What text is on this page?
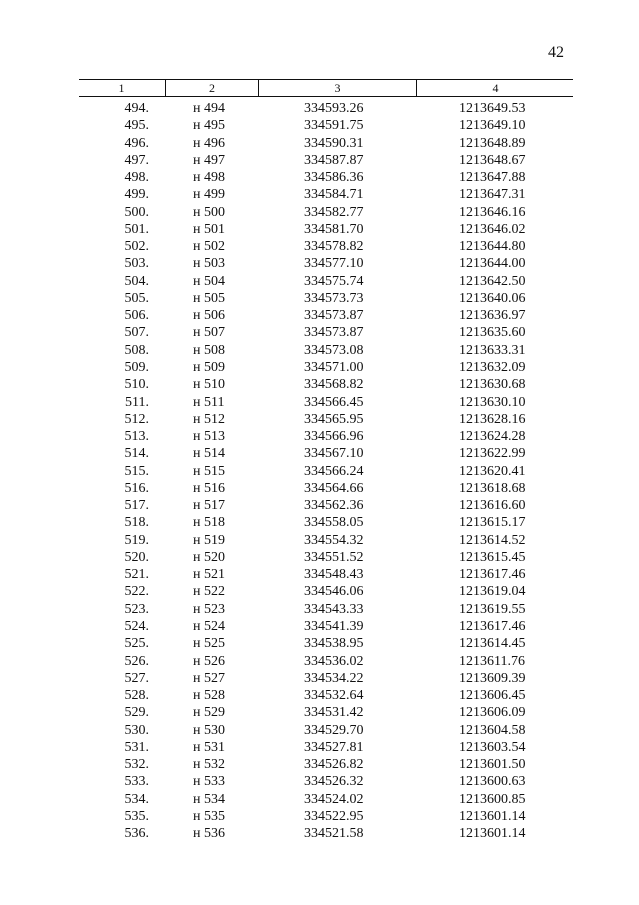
42
1	2	3	4
494.	н 494	334593.26	1213649.53
495.	н 495	334591.75	1213649.10
496.	н 496	334590.31	1213648.89
497.	н 497	334587.87	1213648.67
498.	н 498	334586.36	1213647.88
499.	н 499	334584.71	1213647.31
500.	н 500	334582.77	1213646.16
501.	н 501	334581.70	1213646.02
502.	н 502	334578.82	1213644.80
503.	н 503	334577.10	1213644.00
504.	н 504	334575.74	1213642.50
505.	н 505	334573.73	1213640.06
506.	н 506	334573.87	1213636.97
507.	н 507	334573.87	1213635.60
508.	н 508	334573.08	1213633.31
509.	н 509	334571.00	1213632.09
510.	н 510	334568.82	1213630.68
511.	н 511	334566.45	1213630.10
512.	н 512	334565.95	1213628.16
513.	н 513	334566.96	1213624.28
514.	н 514	334567.10	1213622.99
515.	н 515	334566.24	1213620.41
516.	н 516	334564.66	1213618.68
517.	н 517	334562.36	1213616.60
518.	н 518	334558.05	1213615.17
519.	н 519	334554.32	1213614.52
520.	н 520	334551.52	1213615.45
521.	н 521	334548.43	1213617.46
522.	н 522	334546.06	1213619.04
523.	н 523	334543.33	1213619.55
524.	н 524	334541.39	1213617.46
525.	н 525	334538.95	1213614.45
526.	н 526	334536.02	1213611.76
527.	н 527	334534.22	1213609.39
528.	н 528	334532.64	1213606.45
529.	н 529	334531.42	1213606.09
530.	н 530	334529.70	1213604.58
531.	н 531	334527.81	1213603.54
532.	н 532	334526.82	1213601.50
533.	н 533	334526.32	1213600.63
534.	н 534	334524.02	1213600.85
535.	н 535	334522.95	1213601.14
536.	н 536	334521.58	1213601.14
